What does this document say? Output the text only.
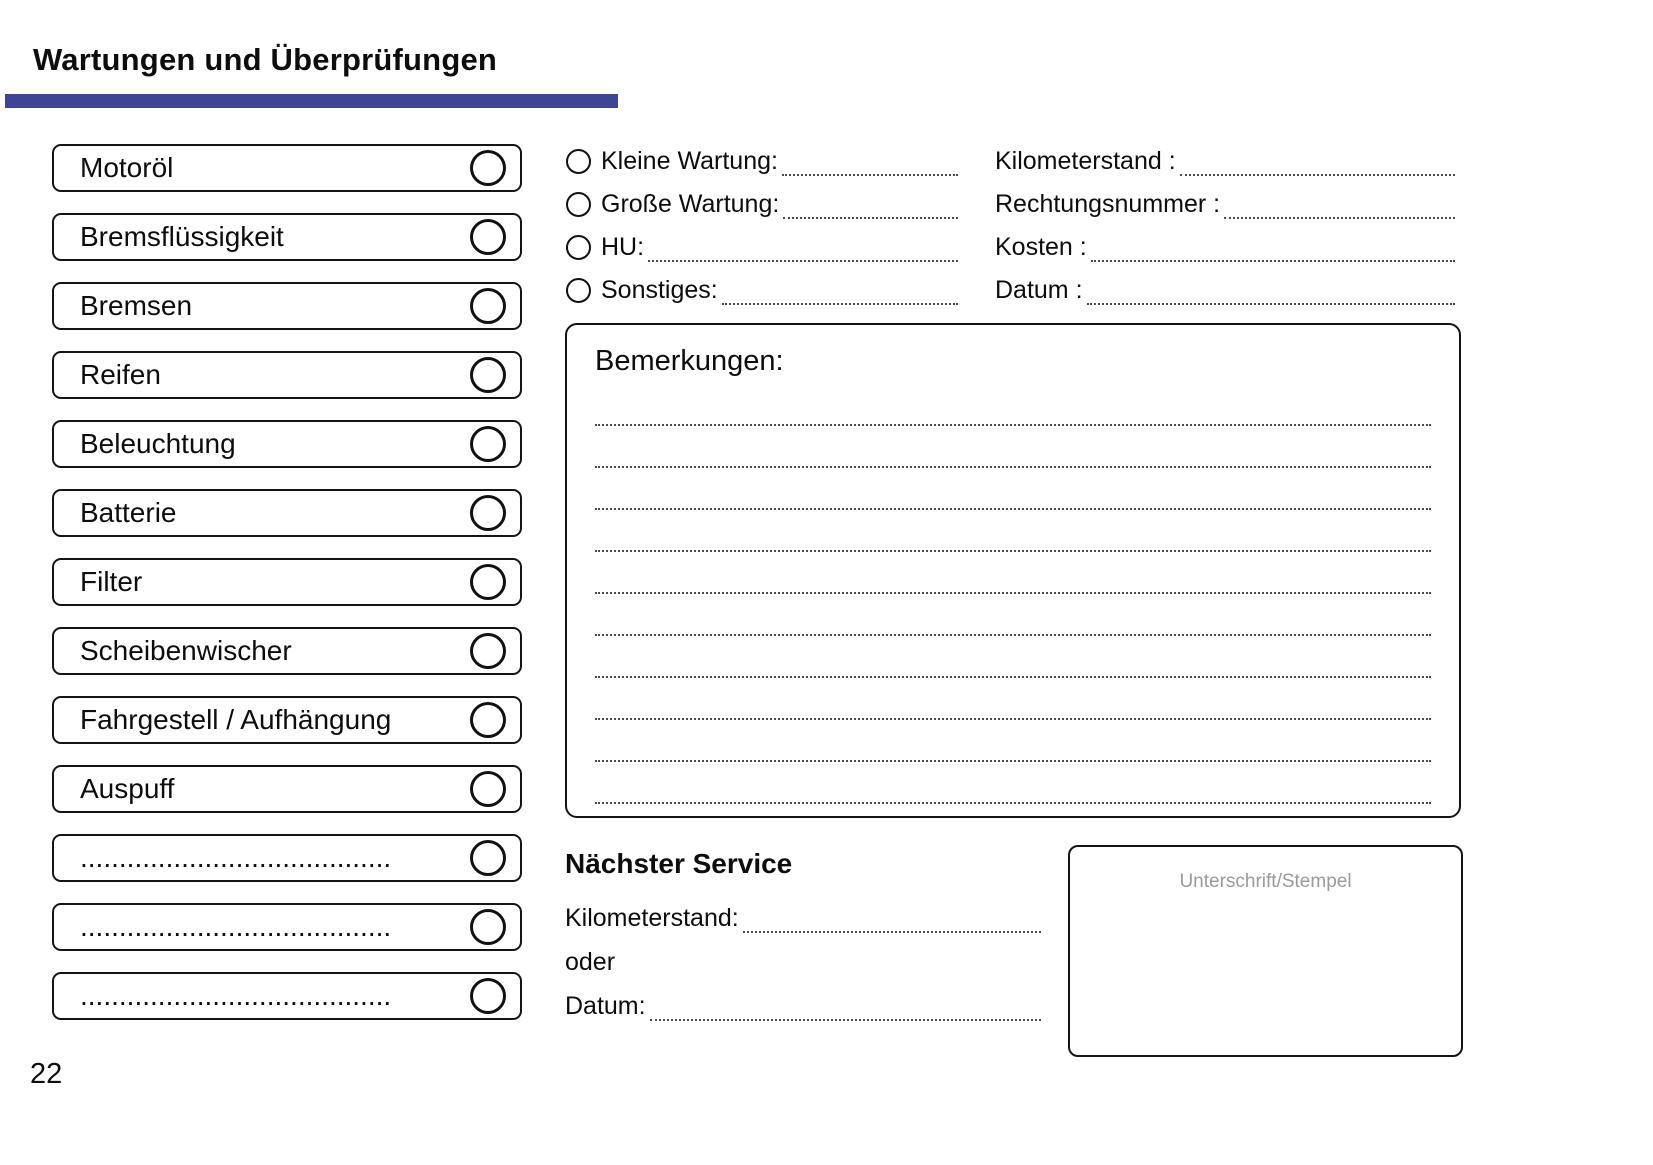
Wartungen und Überprüfungen
Motoröl
Bremsflüssigkeit
Bremsen
Reifen
Beleuchtung
Batterie
Filter
Scheibenwischer
Fahrgestell / Aufhängung
Auspuff
........................................
........................................
........................................
Kleine Wartung:
Große Wartung:
HU:
Sonstiges:
Kilometerstand :
Rechtungsnummer :
Kosten :
Datum :
Bemerkungen:
Nächster Service
Kilometerstand:
oder
Datum:
Unterschrift/Stempel
22
